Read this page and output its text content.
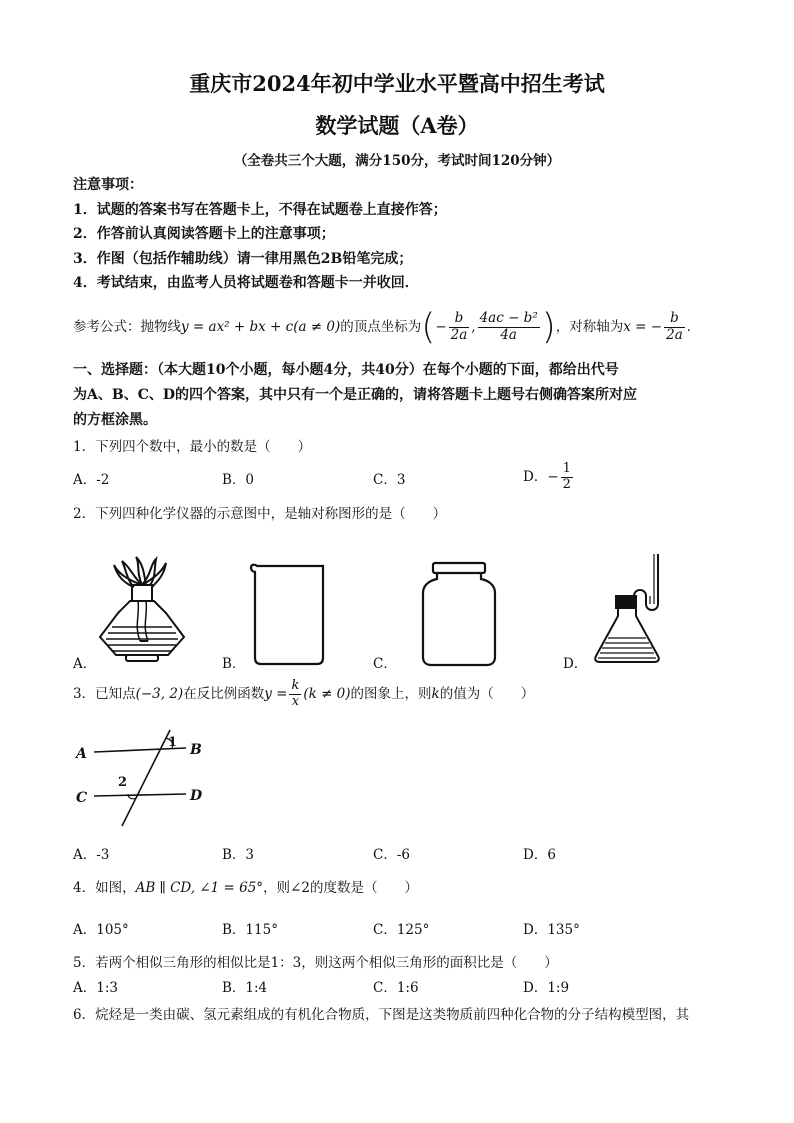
重庆市2024年初中学业水平暨高中招生考试
数学试题（A卷）
（全卷共三个大题，满分150分，考试时间120分钟）
注意事项：
1．试题的答案书写在答题卡上，不得在试题卷上直接作答；
2．作答前认真阅读答题卡上的注意事项；
3．作图（包括作辅助线）请一律用黑色2B铅笔完成；
4．考试结束，由监考人员将试题卷和答题卡一并收回．
参考公式：抛物线y = ax² + bx + c(a ≠ 0)的顶点坐标为(− $\frac{b}{2a}$ , $\frac{\text{4ac − b²}}{4a}$ )，对称轴为x = − $\frac{b}{2a}$ ．
一、选择题：（本大题10个小题，每小题4分，共40分）在每个小题的下面，都给出代号
为A、B、C、D的四个答案，其中只有一个是正确的，请将答题卡上题号右侧确答案所对应
的方框涂黑。
1．下列四个数中，最小的数是（　　）
A．-2	B．0	C．3	D．− $\frac{1}{2}$
2．下列四种化学仪器的示意图中，是轴对称图形的是（　　）
A．	B．	C．	D．
3．已知点(−3, 2)在反比例函数$y = \frac{k}{x} (k \ne 0)$的图象上，则k的值为（　　）
A	B
C	D
1
2
A．-3	B．3	C．-6	D．6
4．如图，AB ∥ CD, ∠1 = 65°，则∠2的度数是（　　）
A．105°	B．115°	C．125°	D．135°
5．若两个相似三角形的相似比是1：3，则这两个相似三角形的面积比是（　　）
A．1:3	B．1:4	C．1:6	D．1:9
6．烷烃是一类由碳、氢元素组成的有机化合物质，下图是这类物质前四种化合物的分子结构模型图，其
